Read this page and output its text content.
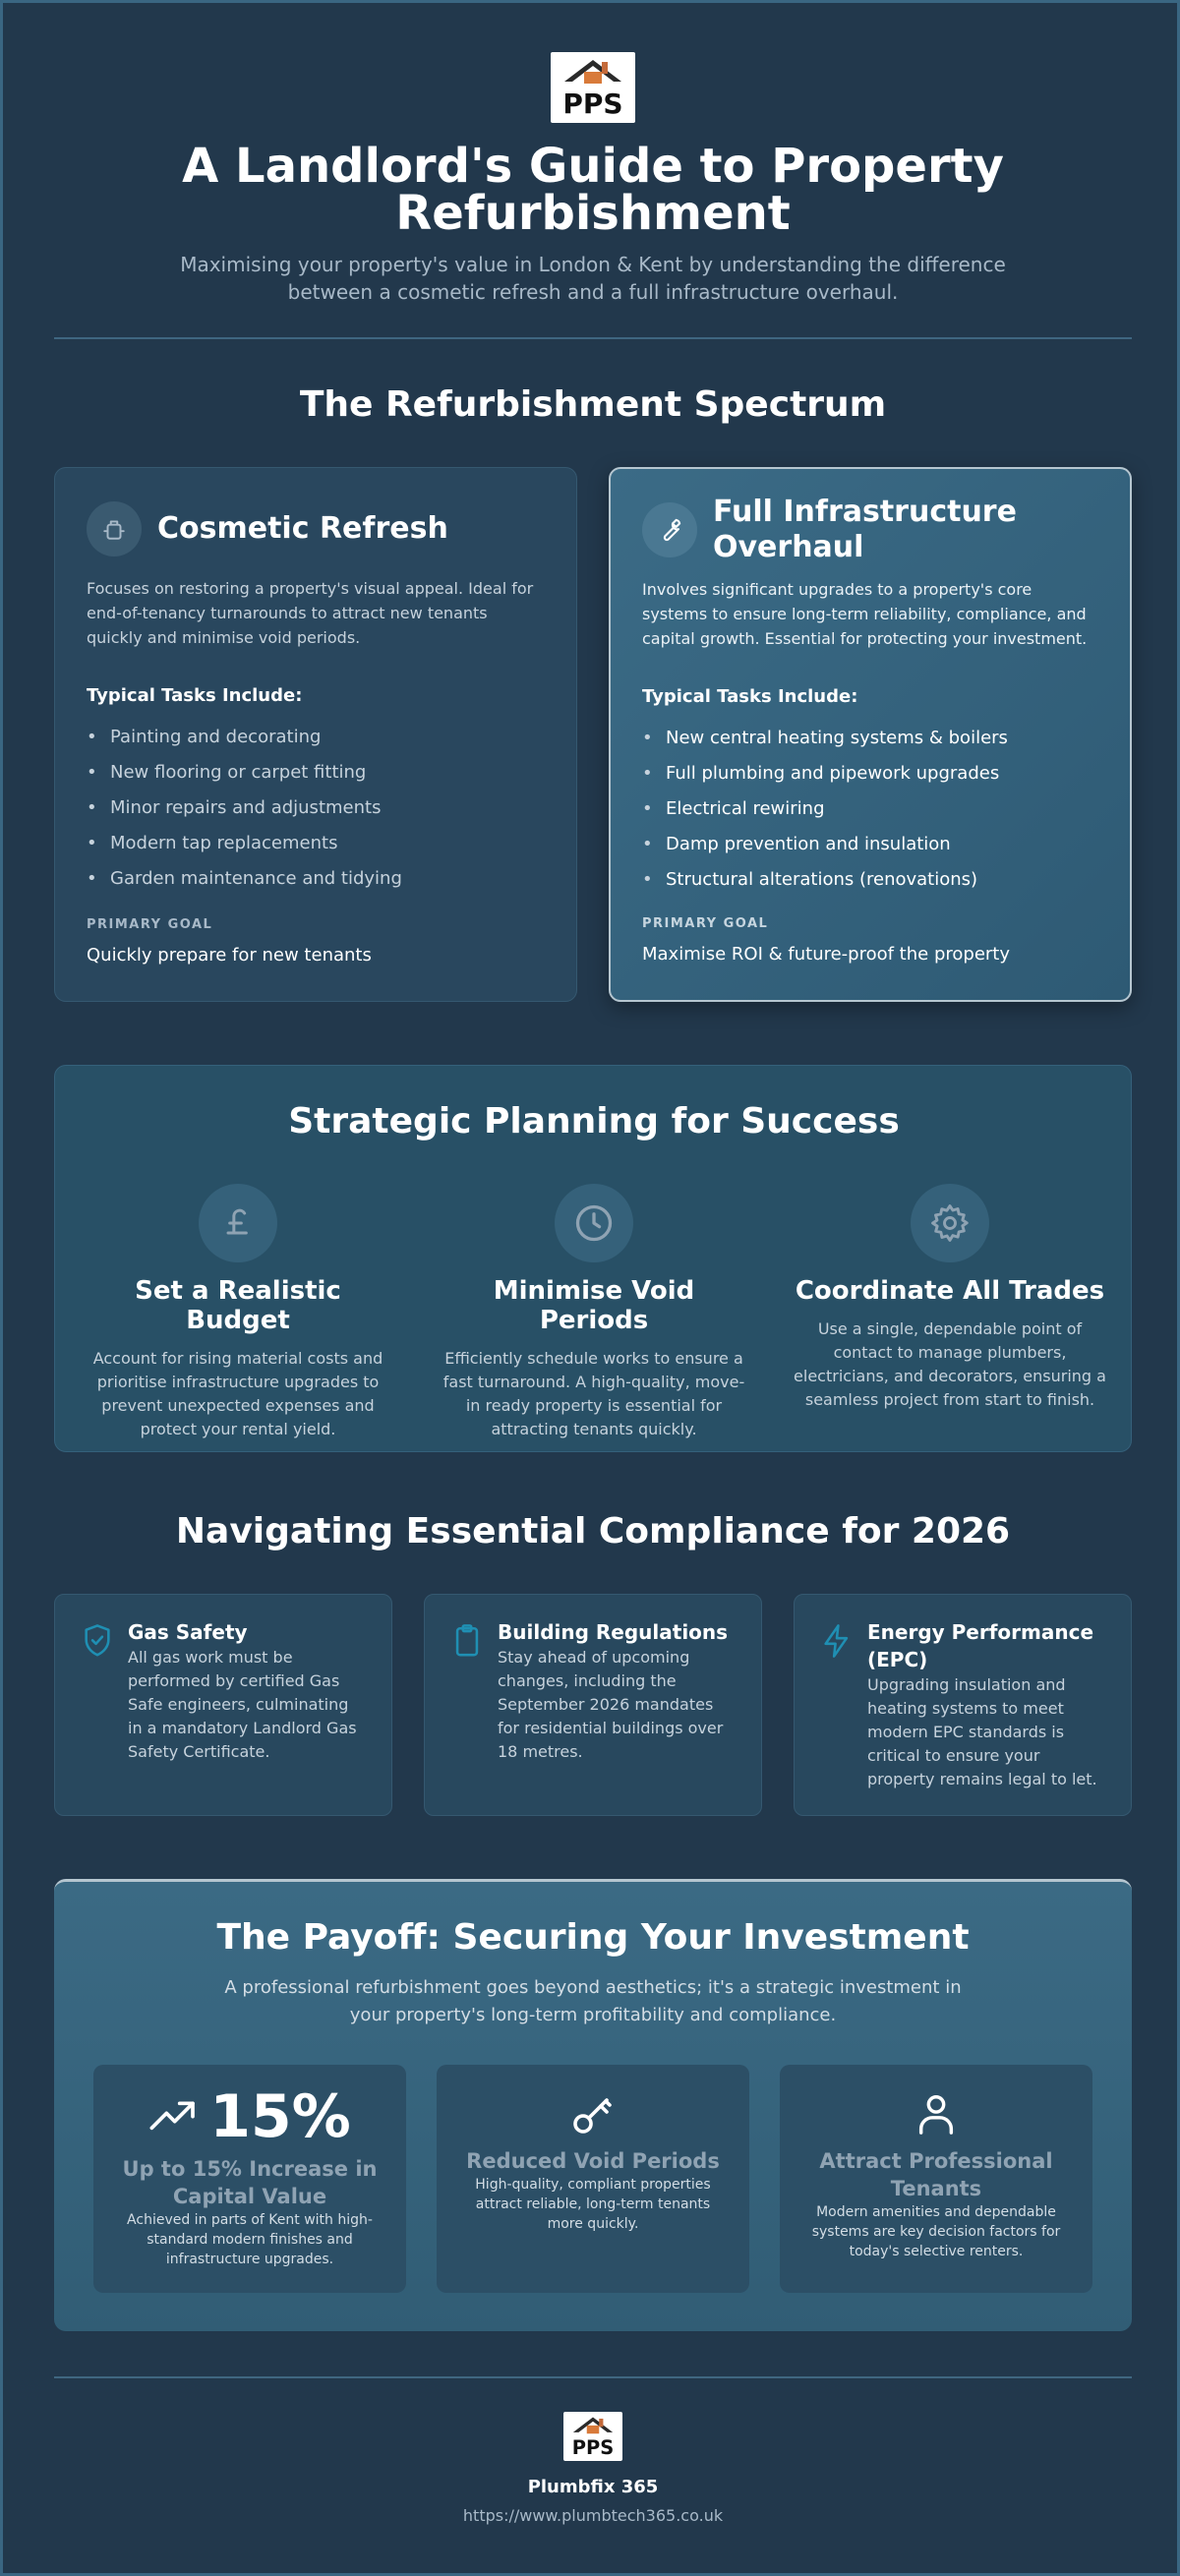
PPS
A Landlord's Guide to Property Refurbishment
Maximising your property's value in London & Kent by understanding the difference between a cosmetic refresh and a full infrastructure overhaul.
The Refurbishment Spectrum
Cosmetic Refresh
Focuses on restoring a property's visual appeal. Ideal for end-of-tenancy turnarounds to attract new tenants quickly and minimise void periods.
Typical Tasks Include:
• Painting and decorating
• New flooring or carpet fitting
• Minor repairs and adjustments
• Modern tap replacements
• Garden maintenance and tidying
PRIMARY GOAL
Quickly prepare for new tenants
Full Infrastructure Overhaul
Involves significant upgrades to a property's core systems to ensure long-term reliability, compliance, and capital growth. Essential for protecting your investment.
Typical Tasks Include:
• New central heating systems & boilers
• Full plumbing and pipework upgrades
• Electrical rewiring
• Damp prevention and insulation
• Structural alterations (renovations)
PRIMARY GOAL
Maximise ROI & future-proof the property
Strategic Planning for Success
Set a Realistic Budget
Account for rising material costs and prioritise infrastructure upgrades to prevent unexpected expenses and protect your rental yield.
Minimise Void Periods
Efficiently schedule works to ensure a fast turnaround. A high-quality, move-in ready property is essential for attracting tenants quickly.
Coordinate All Trades
Use a single, dependable point of contact to manage plumbers, electricians, and decorators, ensuring a seamless project from start to finish.
Navigating Essential Compliance for 2026
Gas Safety
All gas work must be performed by certified Gas Safe engineers, culminating in a mandatory Landlord Gas Safety Certificate.
Building Regulations
Stay ahead of upcoming changes, including the September 2026 mandates for residential buildings over 18 metres.
Energy Performance (EPC)
Upgrading insulation and heating systems to meet modern EPC standards is critical to ensure your property remains legal to let.
The Payoff: Securing Your Investment
A professional refurbishment goes beyond aesthetics; it's a strategic investment in your property's long-term profitability and compliance.
15%
Up to 15% Increase in Capital Value
Achieved in parts of Kent with high-standard modern finishes and infrastructure upgrades.
Reduced Void Periods
High-quality, compliant properties attract reliable, long-term tenants more quickly.
Attract Professional Tenants
Modern amenities and dependable systems are key decision factors for today's selective renters.
PPS
Plumbfix 365
https://www.plumbtech365.co.uk
